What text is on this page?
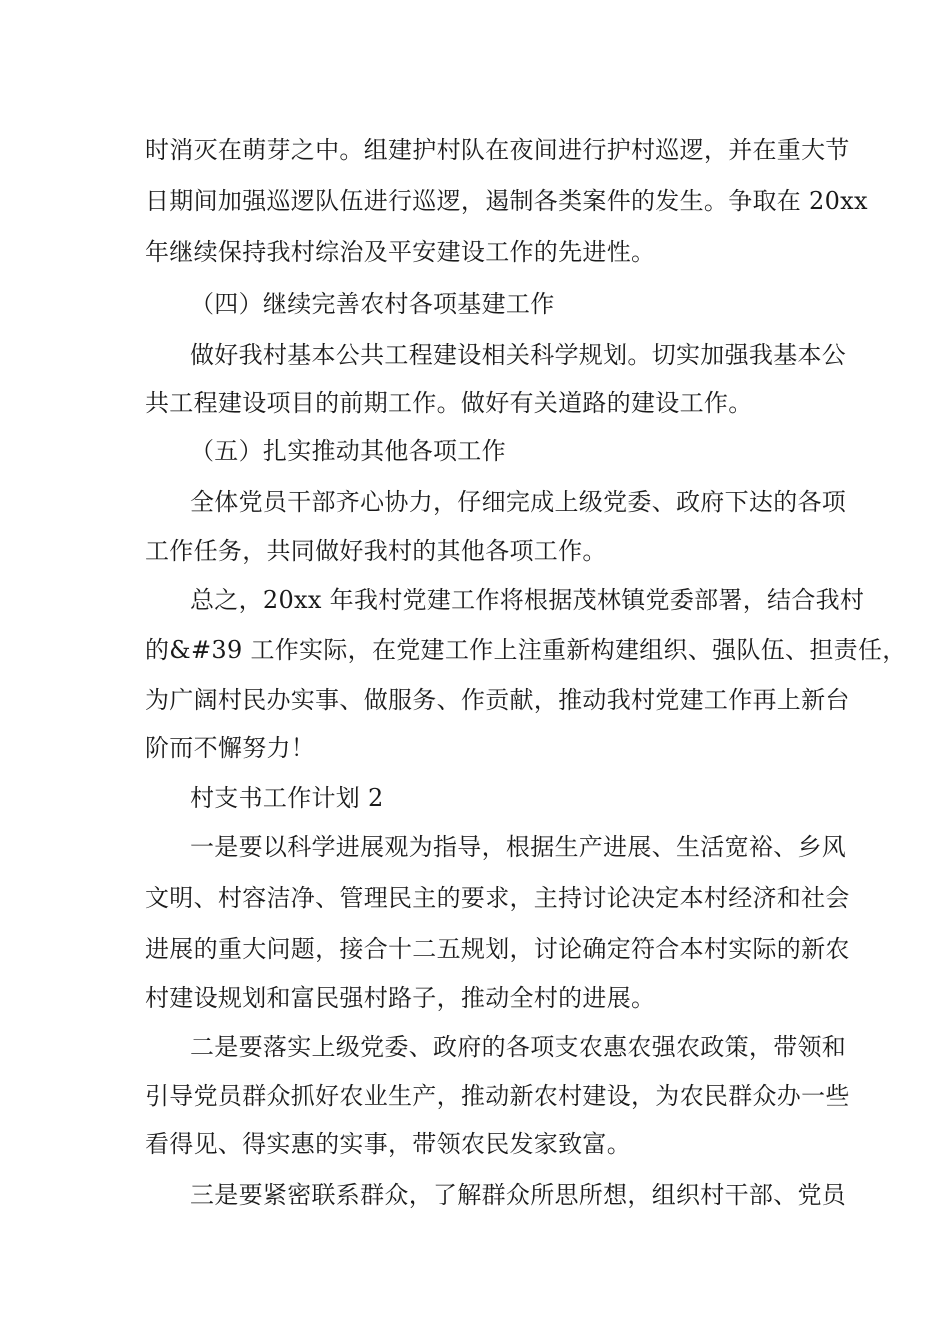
时消灭在萌芽之中。组建护村队在夜间进行护村巡逻，并在重大节
日期间加强巡逻队伍进行巡逻，遏制各类案件的发生。争取在 20xx
年继续保持我村综治及平安建设工作的先进性。
（四）继续完善农村各项基建工作
做好我村基本公共工程建设相关科学规划。切实加强我基本公
共工程建设项目的前期工作。做好有关道路的建设工作。
（五）扎实推动其他各项工作
全体党员干部齐心协力，仔细完成上级党委、政府下达的各项
工作任务，共同做好我村的其他各项工作。
总之，20xx 年我村党建工作将根据茂林镇党委部署，结合我村
的&#39 工作实际，在党建工作上注重新构建组织、强队伍、担责任，
为广阔村民办实事、做服务、作贡献，推动我村党建工作再上新台
阶而不懈努力！
村支书工作计划 2
一是要以科学进展观为指导，根据生产进展、生活宽裕、乡风
文明、村容洁净、管理民主的要求，主持讨论决定本村经济和社会
进展的重大问题，接合十二五规划，讨论确定符合本村实际的新农
村建设规划和富民强村路子，推动全村的进展。
二是要落实上级党委、政府的各项支农惠农强农政策，带领和
引导党员群众抓好农业生产，推动新农村建设，为农民群众办一些
看得见、得实惠的实事，带领农民发家致富。
三是要紧密联系群众，了解群众所思所想，组织村干部、党员
